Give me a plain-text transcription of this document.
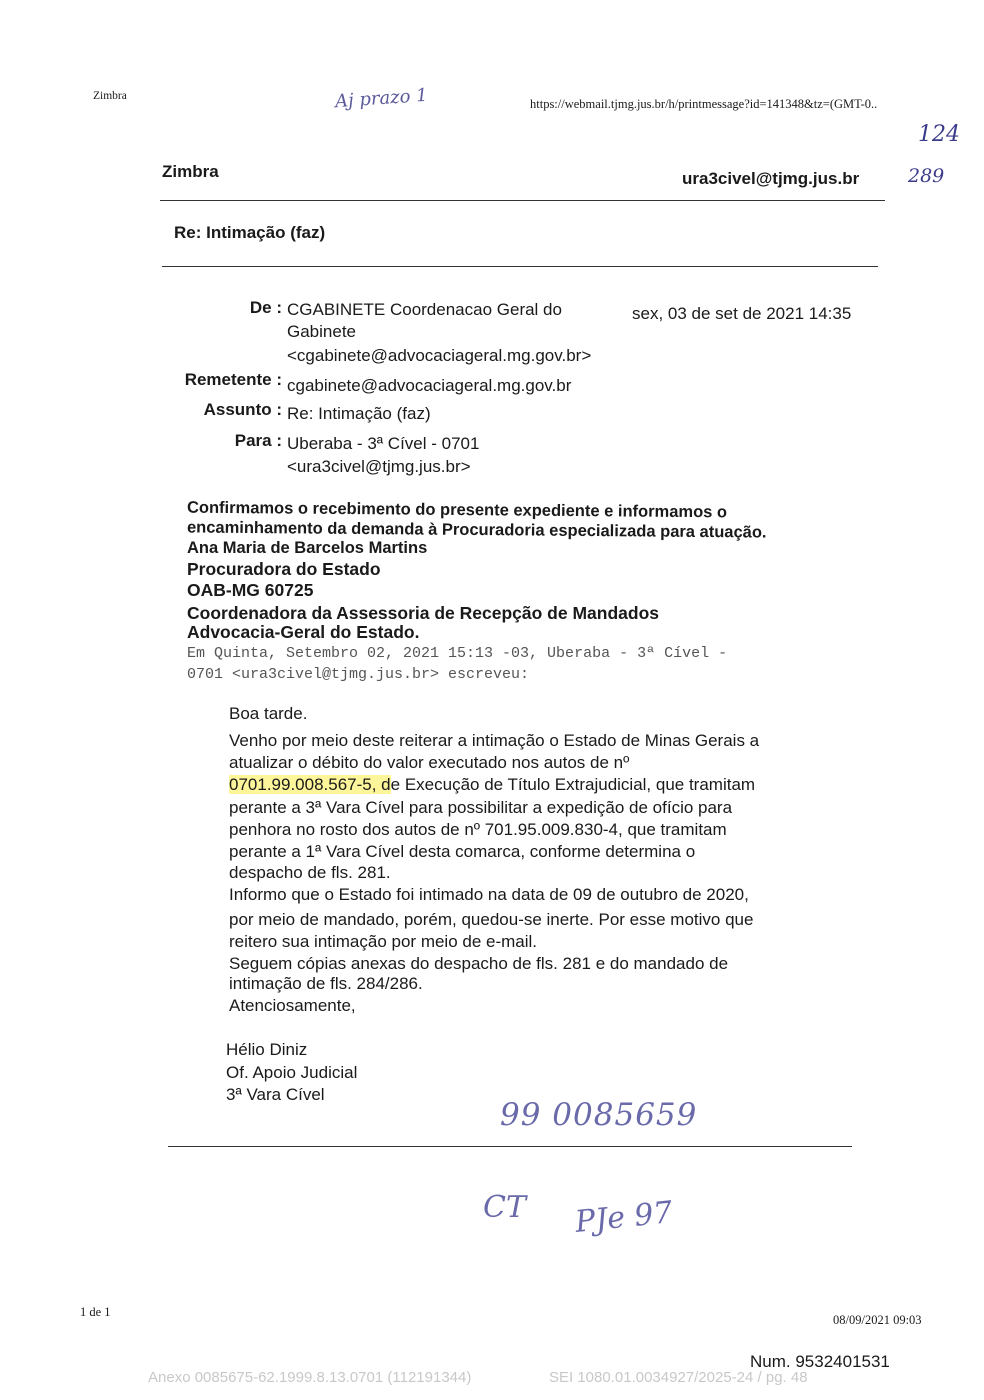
Zimbra
https://webmail.tjmg.jus.br/h/printmessage?id=141348&tz=(GMT-0..
Aj prazo 1
124
289
Zimbra	ura3civel@tjmg.jus.br
Re: Intimação (faz)
De : CGABINETE Coordenacao Geral do
Gabinete
<cgabinete@advocaciageral.mg.gov.br>
sex, 03 de set de 2021 14:35
Remetente : cgabinete@advocaciageral.mg.gov.br
Assunto : Re: Intimação (faz)
Para : Uberaba - 3ª Cível - 0701
<ura3civel@tjmg.jus.br>
Confirmamos o recebimento do presente expediente e informamos o
encaminhamento da demanda à Procuradoria especializada para atuação.
Ana Maria de Barcelos Martins
Procuradora do Estado
OAB-MG 60725
Coordenadora da Assessoria de Recepção de Mandados
Advocacia-Geral do Estado.
Em Quinta, Setembro 02, 2021 15:13 -03, Uberaba - 3ª Cível -
0701 <ura3civel@tjmg.jus.br> escreveu:
Boa tarde.
Venho por meio deste reiterar a intimação o Estado de Minas Gerais a
atualizar o débito do valor executado nos autos de nº
0701.99.008.567-5, de Execução de Título Extrajudicial, que tramitam
perante a 3ª Vara Cível para possibilitar a expedição de ofício para
penhora no rosto dos autos de nº 701.95.009.830-4, que tramitam
perante a 1ª Vara Cível desta comarca, conforme determina o
despacho de fls. 281.
Informo que o Estado foi intimado na data de 09 de outubro de 2020,
por meio de mandado, porém, quedou-se inerte. Por esse motivo que
reitero sua intimação por meio de e-mail.
Seguem cópias anexas do despacho de fls. 281 e do mandado de
intimação de fls. 284/286.
Atenciosamente,
Hélio Diniz
Of. Apoio Judicial
3ª Vara Cível
99 0085659
CT PJe 97
1 de 1
08/09/2021 09:03
Num. 9532401531
Anexo 0085675-62.1999.8.13.0701 (112191344)	SEI 1080.01.0034927/2025-24 / pg. 48
